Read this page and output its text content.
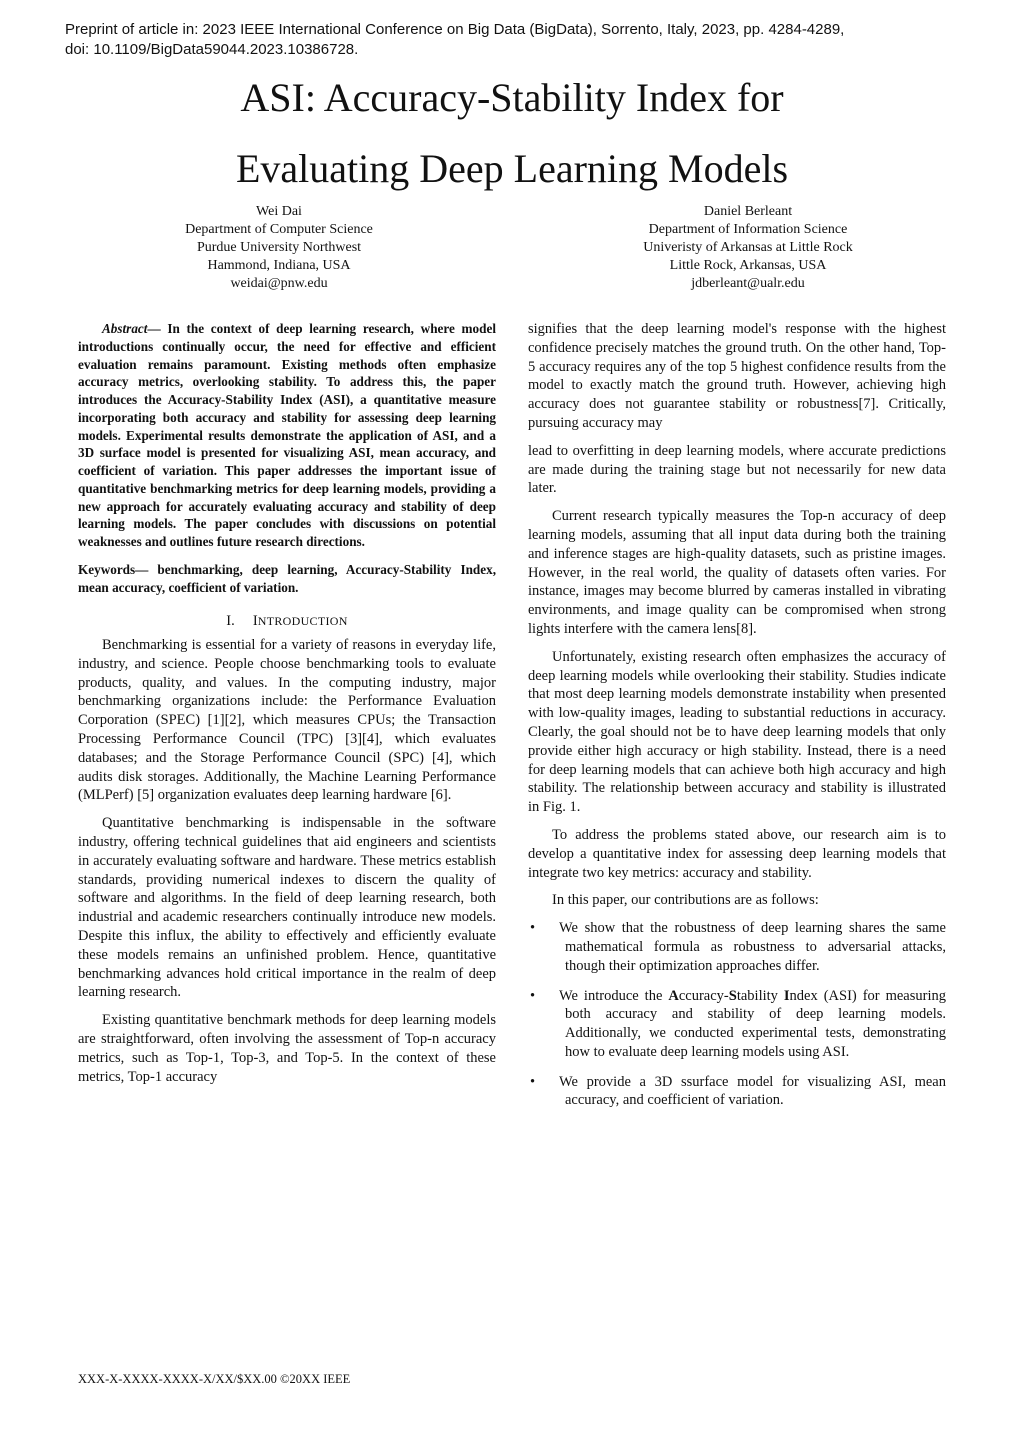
Preprint of article in: 2023 IEEE International Conference on Big Data (BigData), Sorrento, Italy, 2023, pp. 4284-4289,
doi: 10.1109/BigData59044.2023.10386728.
ASI: Accuracy-Stability Index for
Evaluating Deep Learning Models
Wei Dai
Department of Computer Science
Purdue University Northwest
Hammond, Indiana, USA
weidai@pnw.edu
Daniel Berleant
Department of Information Science
Univeristy of Arkansas at Little Rock
Little Rock, Arkansas, USA
jdberleant@ualr.edu

Abstract— In the context of deep learning research, where model introductions continually occur, the need for effective and efficient evaluation remains paramount. Existing methods often emphasize accuracy metrics, overlooking stability. To address this, the paper introduces the Accuracy-Stability Index (ASI), a quantitative measure incorporating both accuracy and stability for assessing deep learning models. Experimental results demonstrate the application of ASI, and a 3D surface model is presented for visualizing ASI, mean accuracy, and coefficient of variation. This paper addresses the important issue of quantitative benchmarking metrics for deep learning models, providing a new approach for accurately evaluating accuracy and stability of deep learning models. The paper concludes with discussions on potential weaknesses and outlines future research directions.

Keywords— benchmarking, deep learning, Accuracy-Stability Index, mean accuracy, coefficient of variation.

I. INTRODUCTION

Benchmarking is essential for a variety of reasons in everyday life, industry, and science. People choose benchmarking tools to evaluate products, quality, and values. In the computing industry, major benchmarking organizations include: the Performance Evaluation Corporation (SPEC) [1][2], which measures CPUs; the Transaction Processing Performance Council (TPC) [3][4], which evaluates databases; and the Storage Performance Council (SPC) [4], which audits disk storages. Additionally, the Machine Learning Performance (MLPerf) [5] organization evaluates deep learning hardware [6].

Quantitative benchmarking is indispensable in the software industry, offering technical guidelines that aid engineers and scientists in accurately evaluating software and hardware. These metrics establish standards, providing numerical indexes to discern the quality of software and algorithms. In the field of deep learning research, both industrial and academic researchers continually introduce new models. Despite this influx, the ability to effectively and efficiently evaluate these models remains an unfinished problem. Hence, quantitative benchmarking advances hold critical importance in the realm of deep learning research.

Existing quantitative benchmark methods for deep learning models are straightforward, often involving the assessment of Top-n accuracy metrics, such as Top-1, Top-3, and Top-5. In the context of these metrics, Top-1 accuracy

signifies that the deep learning model's response with the highest confidence precisely matches the ground truth. On the other hand, Top-5 accuracy requires any of the top 5 highest confidence results from the model to exactly match the ground truth. However, achieving high accuracy does not guarantee stability or robustness[7]. Critically, pursuing accuracy may

lead to overfitting in deep learning models, where accurate predictions are made during the training stage but not necessarily for new data later.

Current research typically measures the Top-n accuracy of deep learning models, assuming that all input data during both the training and inference stages are high-quality datasets, such as pristine images. However, in the real world, the quality of datasets often varies. For instance, images may become blurred by cameras installed in vibrating environments, and image quality can be compromised when strong lights interfere with the camera lens[8].

Unfortunately, existing research often emphasizes the accuracy of deep learning models while overlooking their stability. Studies indicate that most deep learning models demonstrate instability when presented with low-quality images, leading to substantial reductions in accuracy. Clearly, the goal should not be to have deep learning models that only provide either high accuracy or high stability. Instead, there is a need for deep learning models that can achieve both high accuracy and high stability. The relationship between accuracy and stability is illustrated in Fig. 1.

To address the problems stated above, our research aim is to develop a quantitative index for assessing deep learning models that integrate two key metrics: accuracy and stability.

In this paper, our contributions are as follows:

• We show that the robustness of deep learning shares the same mathematical formula as robustness to adversarial attacks, though their optimization approaches differ.
• We introduce the Accuracy-Stability Index (ASI) for measuring both accuracy and stability of deep learning models. Additionally, we conducted experimental tests, demonstrating how to evaluate deep learning models using ASI.
• We provide a 3D ssurface model for visualizing ASI, mean accuracy, and coefficient of variation.
XXX-X-XXXX-XXXX-X/XX/$XX.00 ©20XX IEEE
